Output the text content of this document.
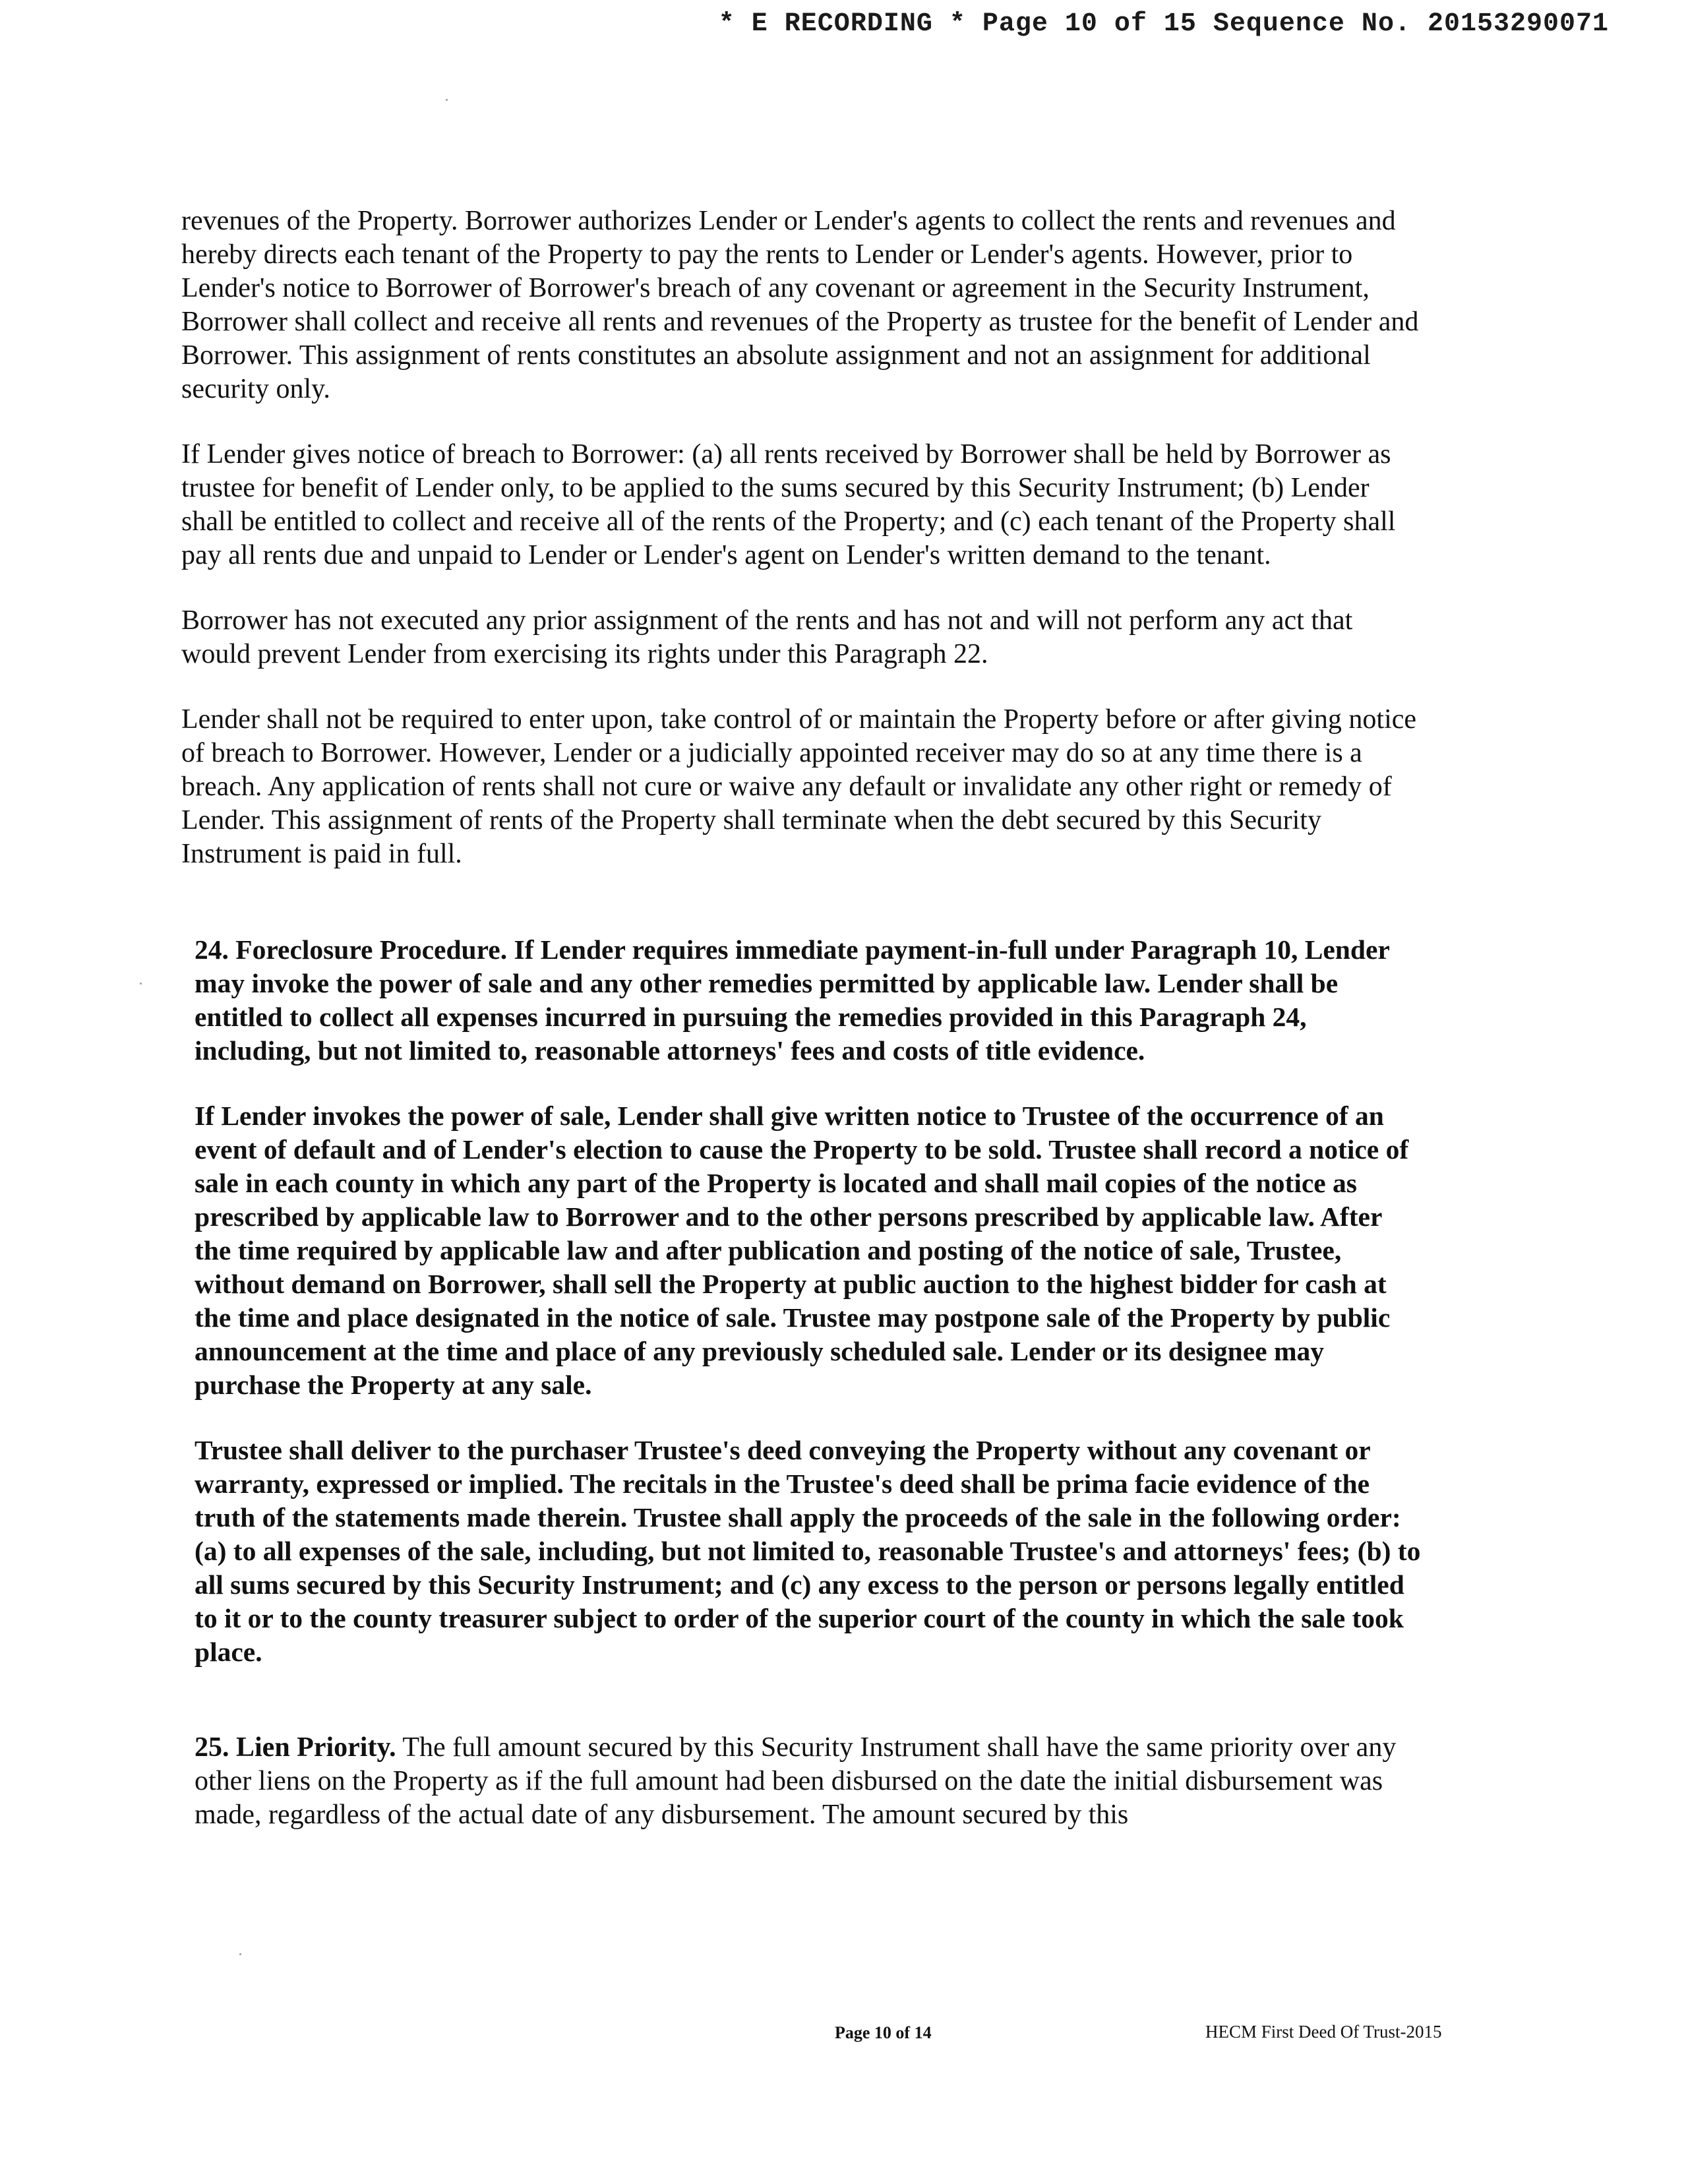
* E RECORDING * Page 10 of 15 Sequence No. 20153290071

revenues of the Property. Borrower authorizes Lender or Lender's agents to collect the rents and revenues and hereby directs each tenant of the Property to pay the rents to Lender or Lender's agents. However, prior to Lender's notice to Borrower of Borrower's breach of any covenant or agreement in the Security Instrument, Borrower shall collect and receive all rents and revenues of the Property as trustee for the benefit of Lender and Borrower. This assignment of rents constitutes an absolute assignment and not an assignment for additional security only.

If Lender gives notice of breach to Borrower: (a) all rents received by Borrower shall be held by Borrower as trustee for benefit of Lender only, to be applied to the sums secured by this Security Instrument; (b) Lender shall be entitled to collect and receive all of the rents of the Property; and (c) each tenant of the Property shall pay all rents due and unpaid to Lender or Lender's agent on Lender's written demand to the tenant.

Borrower has not executed any prior assignment of the rents and has not and will not perform any act that would prevent Lender from exercising its rights under this Paragraph 22.

Lender shall not be required to enter upon, take control of or maintain the Property before or after giving notice of breach to Borrower. However, Lender or a judicially appointed receiver may do so at any time there is a breach. Any application of rents shall not cure or waive any default or invalidate any other right or remedy of Lender. This assignment of rents of the Property shall terminate when the debt secured by this Security Instrument is paid in full.

24. Foreclosure Procedure. If Lender requires immediate payment-in-full under Paragraph 10, Lender may invoke the power of sale and any other remedies permitted by applicable law. Lender shall be entitled to collect all expenses incurred in pursuing the remedies provided in this Paragraph 24, including, but not limited to, reasonable attorneys' fees and costs of title evidence.

If Lender invokes the power of sale, Lender shall give written notice to Trustee of the occurrence of an event of default and of Lender's election to cause the Property to be sold. Trustee shall record a notice of sale in each county in which any part of the Property is located and shall mail copies of the notice as prescribed by applicable law to Borrower and to the other persons prescribed by applicable law. After the time required by applicable law and after publication and posting of the notice of sale, Trustee, without demand on Borrower, shall sell the Property at public auction to the highest bidder for cash at the time and place designated in the notice of sale. Trustee may postpone sale of the Property by public announcement at the time and place of any previously scheduled sale. Lender or its designee may purchase the Property at any sale.

Trustee shall deliver to the purchaser Trustee's deed conveying the Property without any covenant or warranty, expressed or implied. The recitals in the Trustee's deed shall be prima facie evidence of the truth of the statements made therein. Trustee shall apply the proceeds of the sale in the following order: (a) to all expenses of the sale, including, but not limited to, reasonable Trustee's and attorneys' fees; (b) to all sums secured by this Security Instrument; and (c) any excess to the person or persons legally entitled to it or to the county treasurer subject to order of the superior court of the county in which the sale took place.

25. Lien Priority. The full amount secured by this Security Instrument shall have the same priority over any other liens on the Property as if the full amount had been disbursed on the date the initial disbursement was made, regardless of the actual date of any disbursement. The amount secured by this

Page 10 of 14	HECM First Deed Of Trust-2015
